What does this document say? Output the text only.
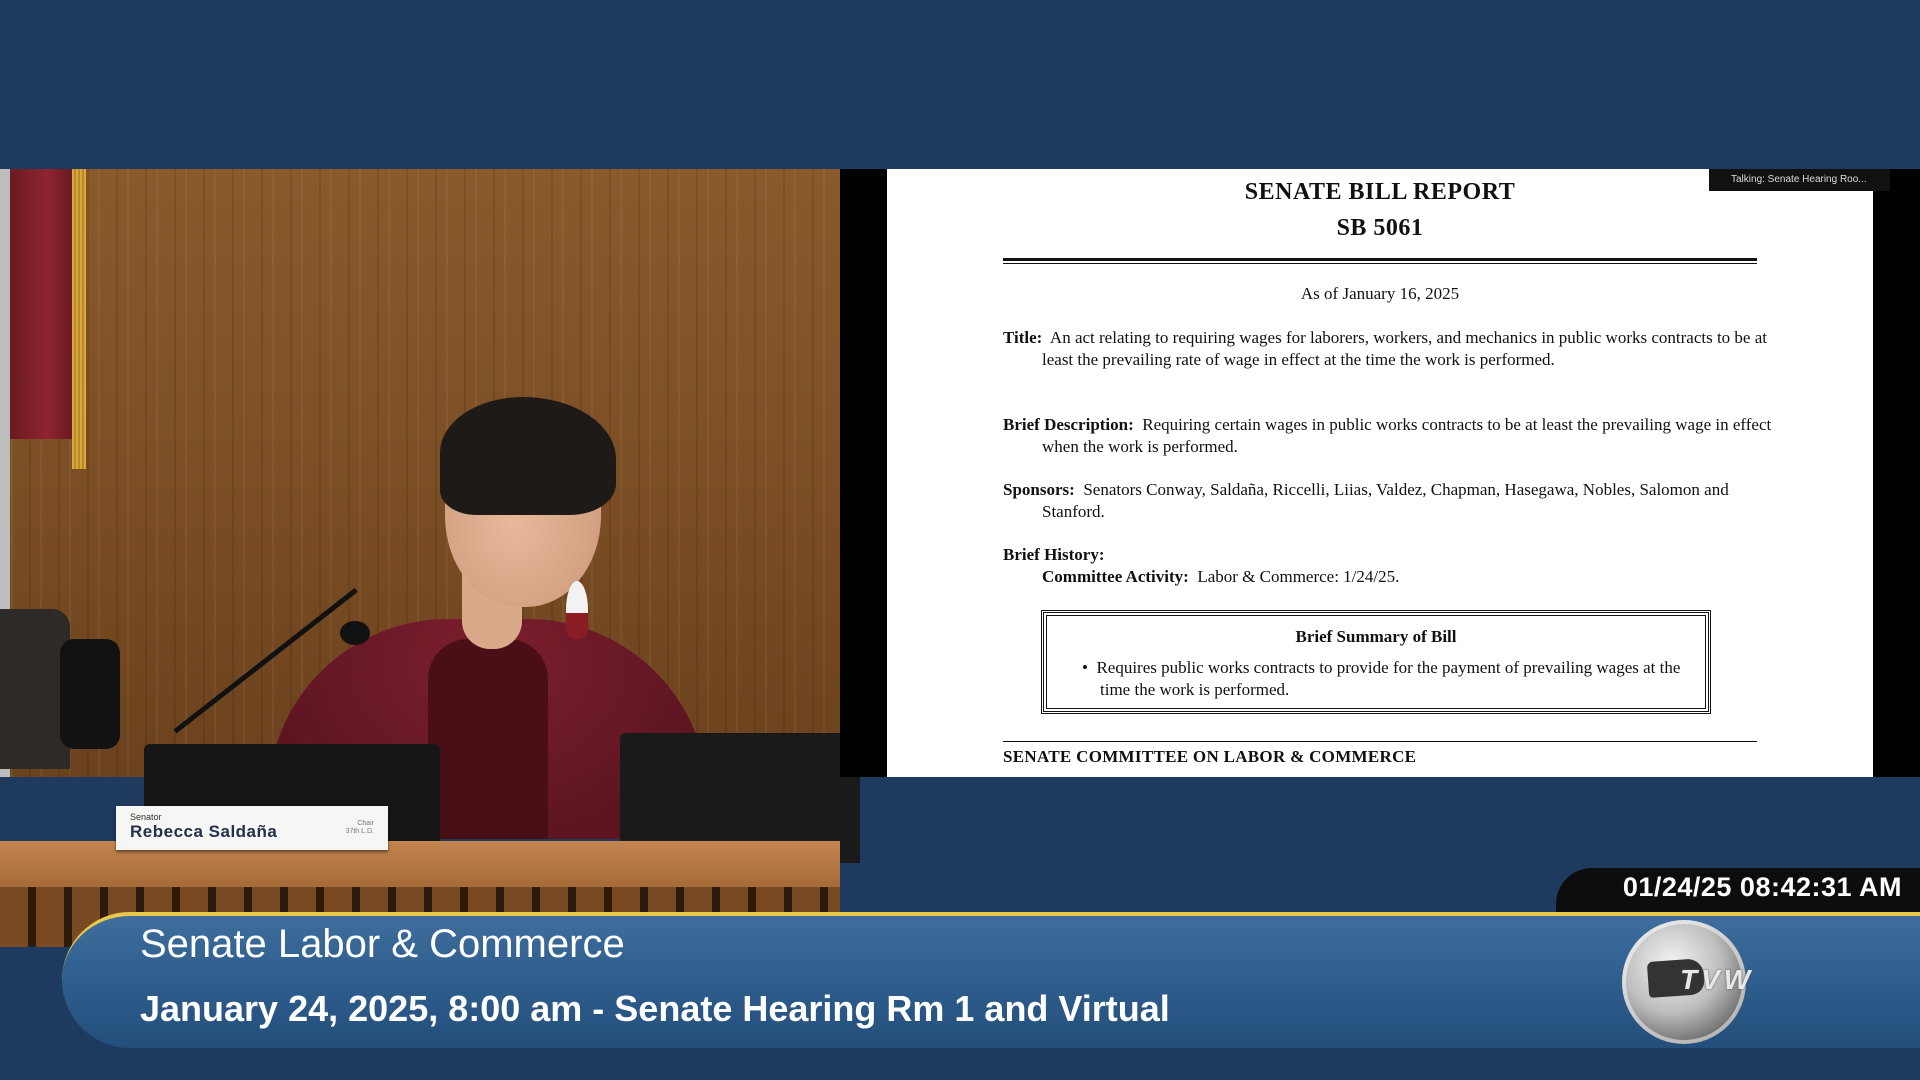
Senator
Rebecca Saldaña	Chair
37th L.D.
SENATE BILL REPORT
SB 5061
As of January 16, 2025
Title: An act relating to requiring wages for laborers, workers, and mechanics in public works contracts to be at least the prevailing rate of wage in effect at the time the work is performed.
Brief Description: Requiring certain wages in public works contracts to be at least the prevailing wage in effect when the work is performed.
Sponsors: Senators Conway, Saldaña, Riccelli, Liias, Valdez, Chapman, Hasegawa, Nobles, Salomon and Stanford.
Brief History:
Committee Activity: Labor & Commerce: 1/24/25.
Brief Summary of Bill
•  Requires public works contracts to provide for the payment of prevailing wages at the time the work is performed.
SENATE COMMITTEE ON LABOR & COMMERCE
Talking: Senate Hearing Roo...
01/24/25 08:42:31 AM
Senate Labor & Commerce
January 24, 2025, 8:00 am - Senate Hearing Rm 1 and Virtual
TVW
